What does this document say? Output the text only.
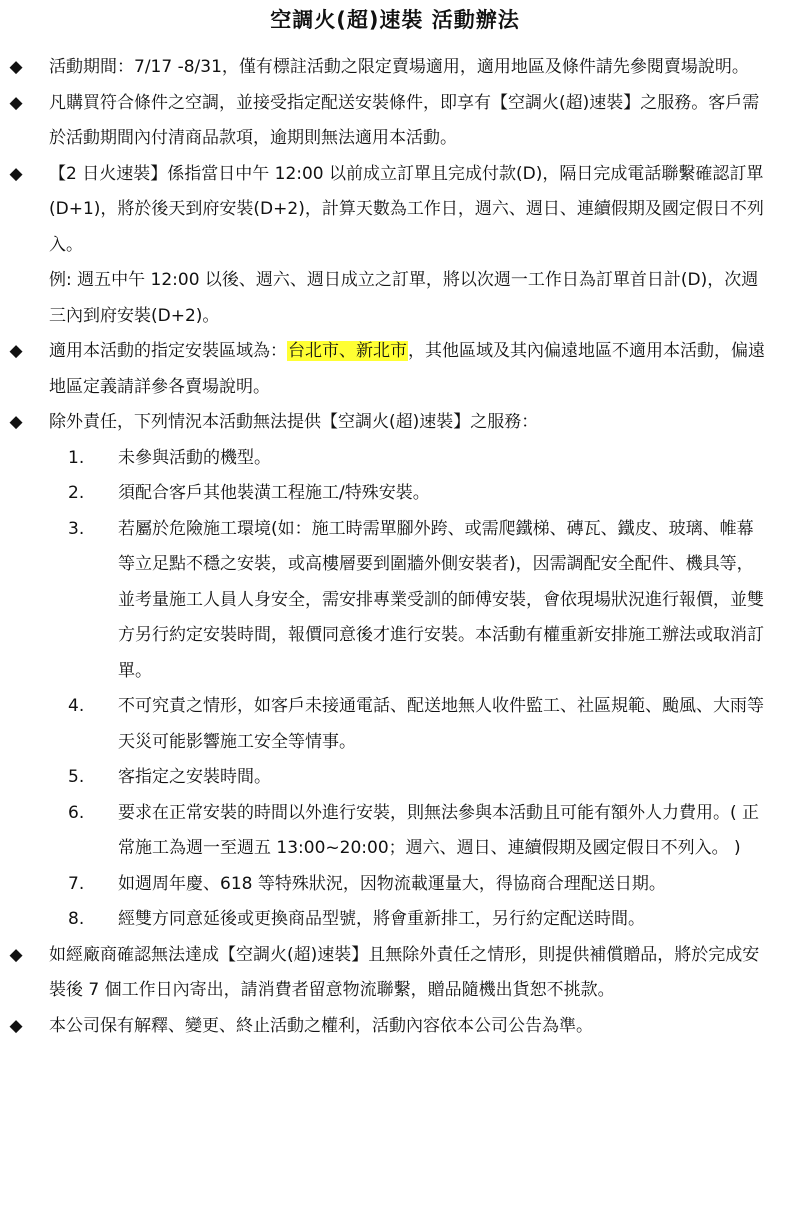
空調火(超)速裝 活動辦法
◆	活動期間：7/17 -8/31，僅有標註活動之限定賣場適用，適用地區及條件請先參閱賣場說明。

◆	凡購買符合條件之空調，並接受指定配送安裝條件，即享有【空調火(超)速裝】之服務。客戶需於活動期間內付清商品款項，逾期則無法適用本活動。

◆	【2 日火速裝】係指當日中午 12:00 以前成立訂單且完成付款(D)，隔日完成電話聯繫確認訂單(D+1)，將於後天到府安裝(D+2)，計算天數為工作日，週六、週日、連續假期及國定假日不列入。

例: 週五中午 12:00 以後、週六、週日成立之訂單，將以次週一工作日為訂單首日計(D)，次週三內到府安裝(D+2)。

◆	適用本活動的指定安裝區域為：台北市、新北市，其他區域及其內偏遠地區不適用本活動，偏遠地區定義請詳參各賣場說明。

◆	除外責任，下列情況本活動無法提供【空調火(超)速裝】之服務：

1. 未參與活動的機型。
2. 須配合客戶其他裝潢工程施工/特殊安裝。
3. 若屬於危險施工環境(如：施工時需單腳外跨、或需爬鐵梯、磚瓦、鐵皮、玻璃、帷幕等立足點不穩之安裝，或高樓層要到圍牆外側安裝者)，因需調配安全配件、機具等，並考量施工人員人身安全，需安排專業受訓的師傅安裝，會依現場狀況進行報價，並雙方另行約定安裝時間，報價同意後才進行安裝。本活動有權重新安排施工辦法或取消訂單。
4. 不可究責之情形，如客戶未接通電話、配送地無人收件監工、社區規範、颱風、大雨等天災可能影響施工安全等情事。
5. 客指定之安裝時間。
6. 要求在正常安裝的時間以外進行安裝，則無法參與本活動且可能有額外人力費用。( 正常施工為週一至週五 13:00~20:00；週六、週日、連續假期及國定假日不列入。 )
7. 如週周年慶、618 等特殊狀況，因物流載運量大，得協商合理配送日期。
8. 經雙方同意延後或更換商品型號，將會重新排工，另行約定配送時間。
◆	如經廠商確認無法達成【空調火(超)速裝】且無除外責任之情形，則提供補償贈品，將於完成安裝後 7 個工作日內寄出，請消費者留意物流聯繫，贈品隨機出貨恕不挑款。

◆	本公司保有解釋、變更、終止活動之權利，活動內容依本公司公告為準。
